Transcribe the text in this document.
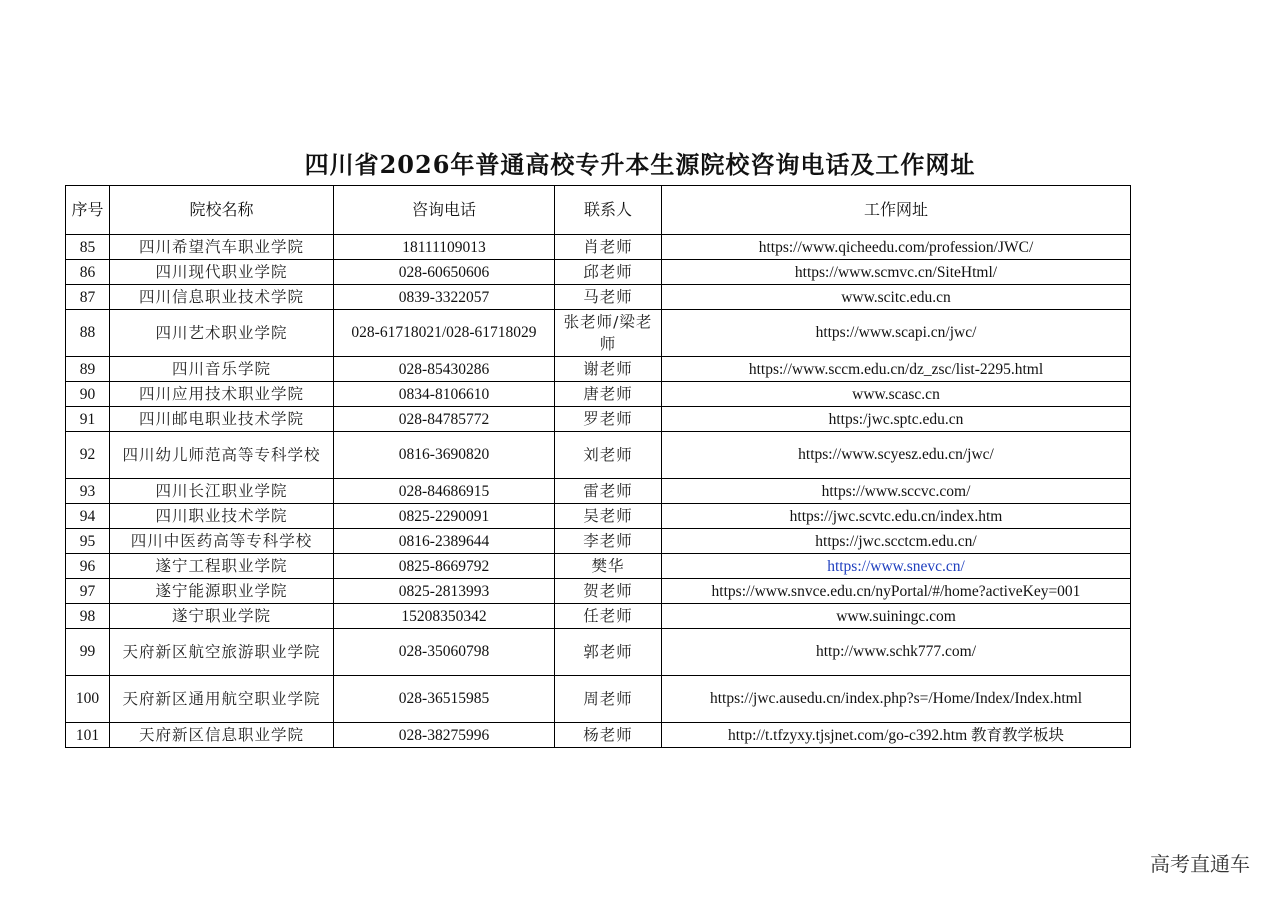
四川省2026年普通高校专升本生源院校咨询电话及工作网址
序号	院校名称	咨询电话	联系人	工作网址
85	四川希望汽车职业学院	18111109013	肖老师	https://www.qicheedu.com/profession/JWC/
86	四川现代职业学院	028-60650606	邱老师	https://www.scmvc.cn/SiteHtml/
87	四川信息职业技术学院	0839-3322057	马老师	www.scitc.edu.cn
88	四川艺术职业学院	028-61718021/028-61718029	张老师/梁老师	https://www.scapi.cn/jwc/
89	四川音乐学院	028-85430286	谢老师	https://www.sccm.edu.cn/dz_zsc/list-2295.html
90	四川应用技术职业学院	0834-8106610	唐老师	www.scasc.cn
91	四川邮电职业技术学院	028-84785772	罗老师	https:/jwc.sptc.edu.cn
92	四川幼儿师范高等专科学校	0816-3690820	刘老师	https://www.scyesz.edu.cn/jwc/
93	四川长江职业学院	028-84686915	雷老师	https://www.sccvc.com/
94	四川职业技术学院	0825-2290091	吴老师	https://jwc.scvtc.edu.cn/index.htm
95	四川中医药高等专科学校	0816-2389644	李老师	https://jwc.scctcm.edu.cn/
96	遂宁工程职业学院	0825-8669792	樊华	https://www.snevc.cn/
97	遂宁能源职业学院	0825-2813993	贺老师	https://www.snvce.edu.cn/nyPortal/#/home?activeKey=001
98	遂宁职业学院	15208350342	任老师	www.suiningc.com
99	天府新区航空旅游职业学院	028-35060798	郭老师	http://www.schk777.com/
100	天府新区通用航空职业学院	028-36515985	周老师	https://jwc.ausedu.cn/index.php?s=/Home/Index/Index.html
101	天府新区信息职业学院	028-38275996	杨老师	http://t.tfzyxy.tjsjnet.com/go-c392.htm 教育教学板块
高考直通车
